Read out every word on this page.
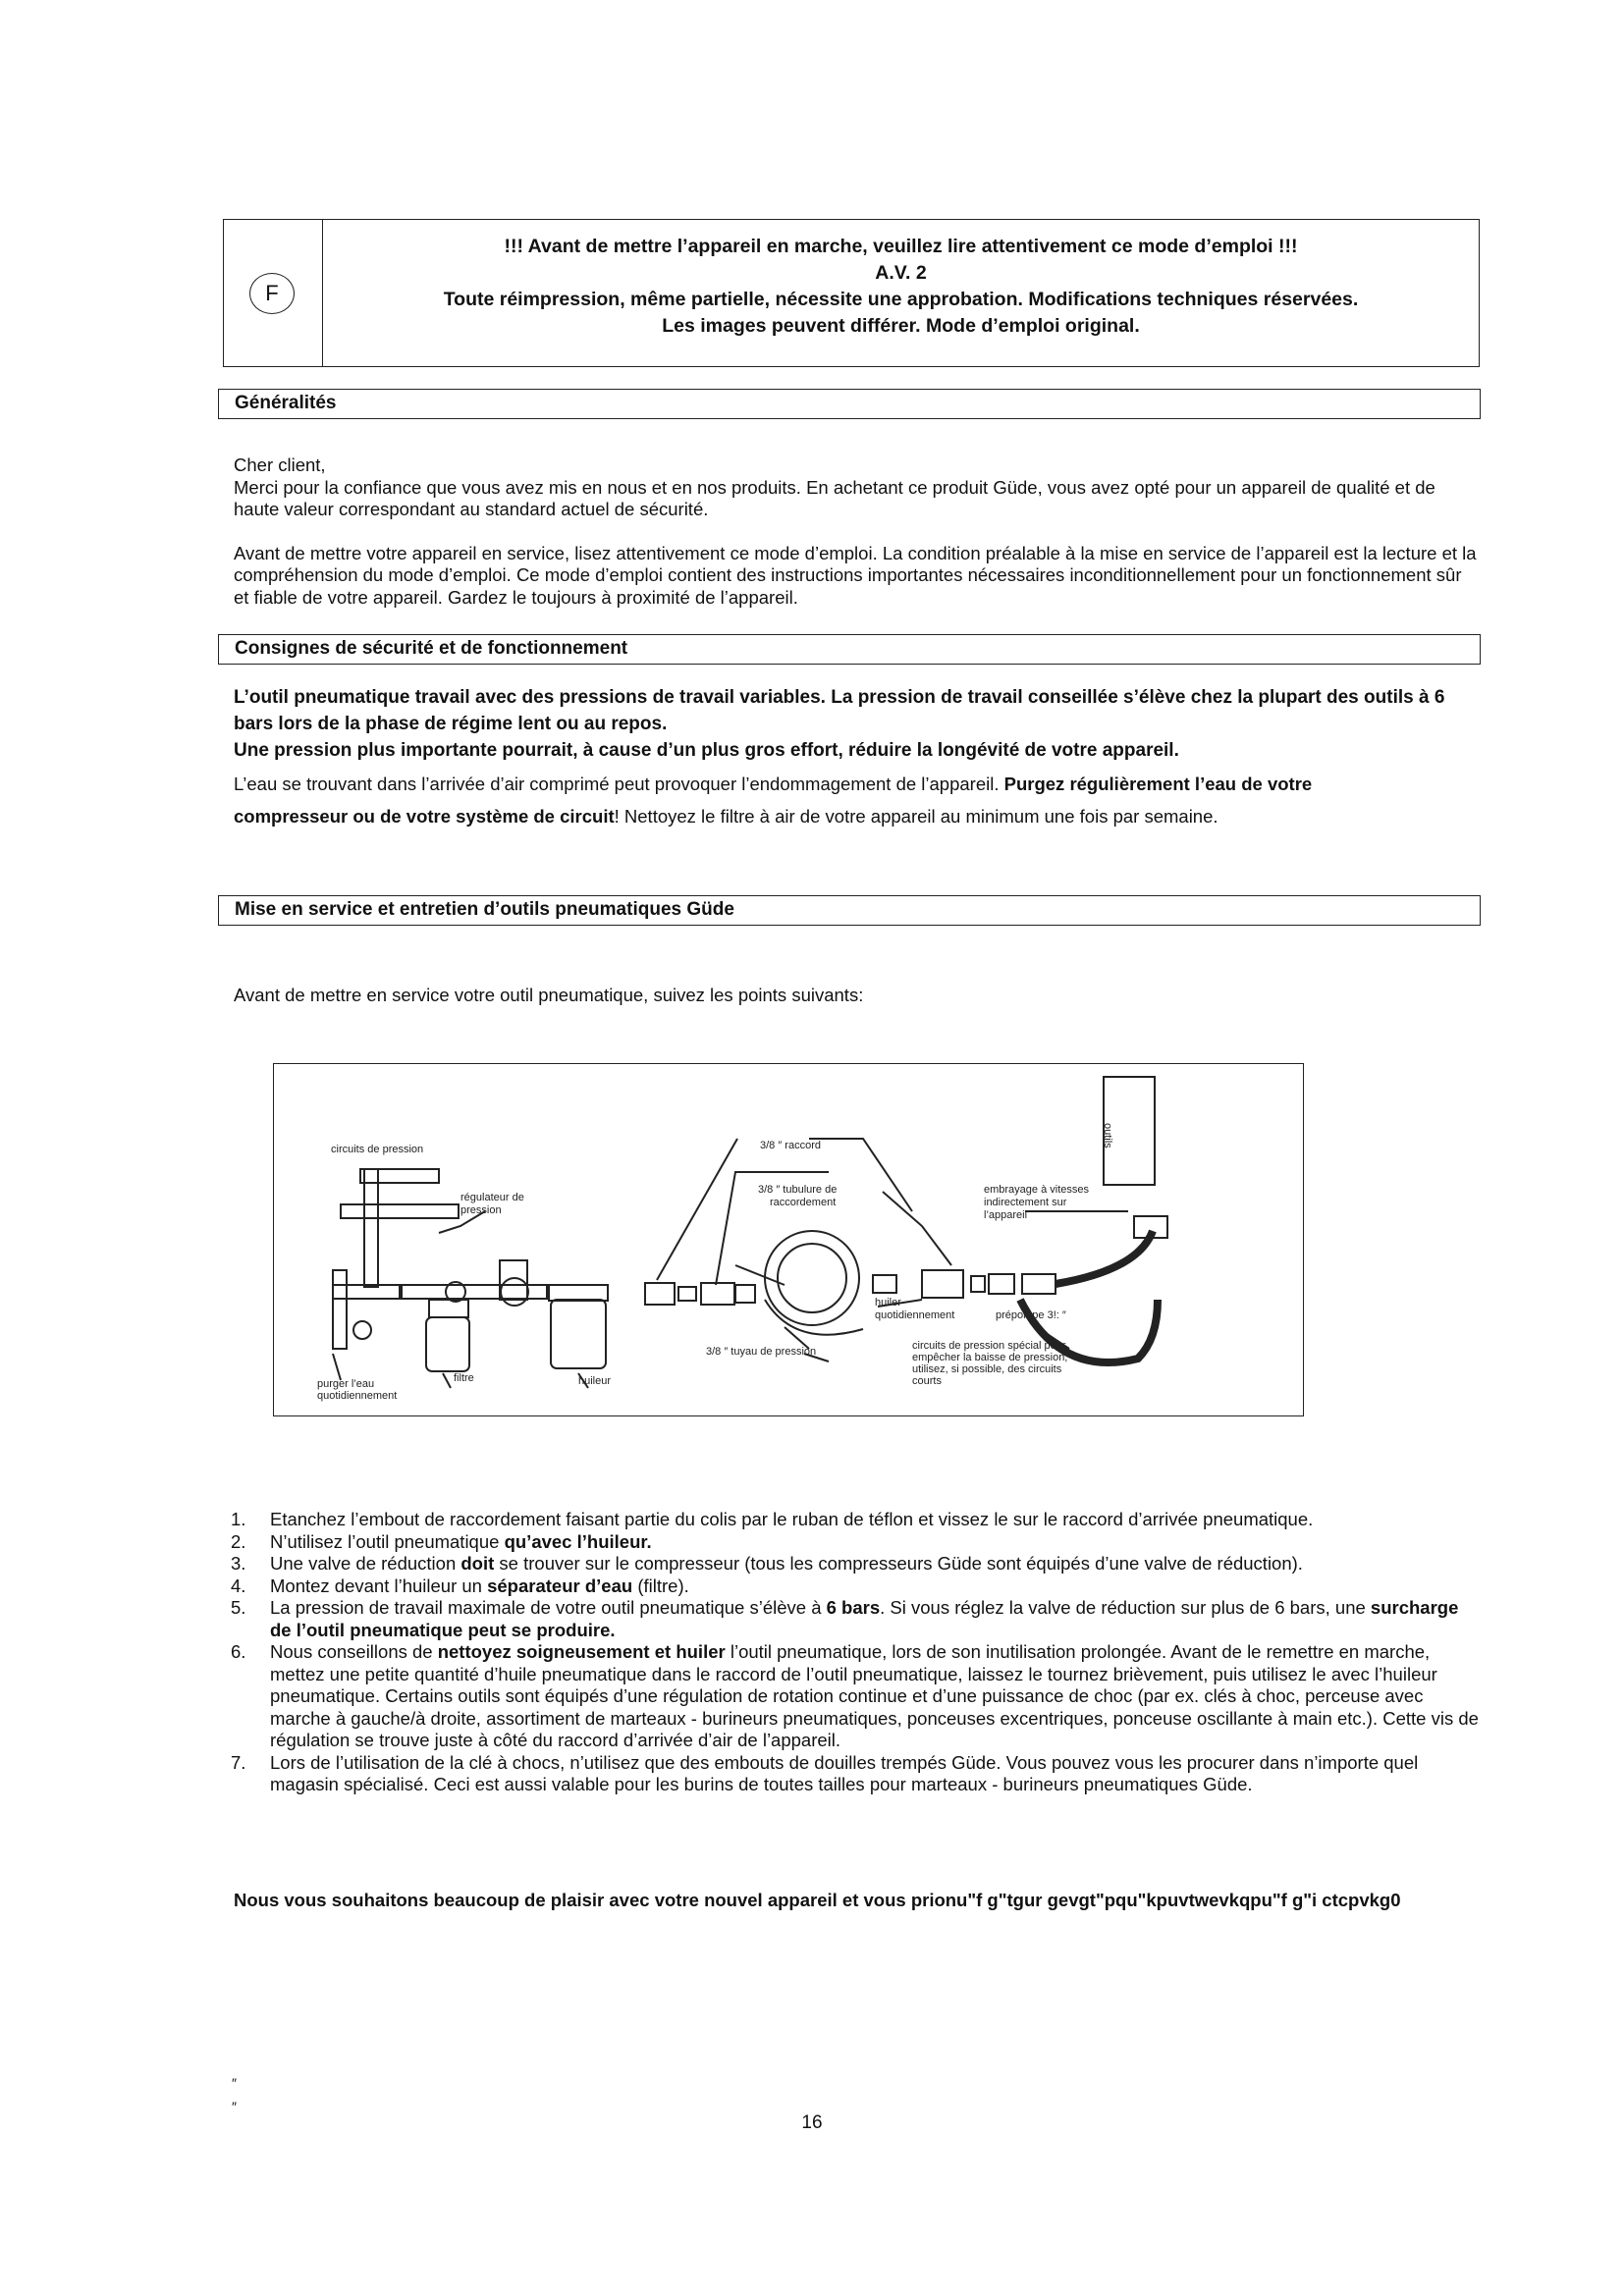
F
!!! Avant de mettre l’appareil en marche, veuillez lire attentivement ce mode d’emploi !!!
A.V. 2
Toute réimpression, même partielle, nécessite une approbation. Modifications techniques réservées.
Les images peuvent différer. Mode d’emploi original.
Généralités
Cher client,
Merci pour la confiance que vous avez mis en nous et en nos produits. En achetant ce produit Güde, vous avez opté pour un appareil de qualité et de haute valeur correspondant au standard actuel de sécurité.
Avant de mettre votre appareil en service, lisez attentivement ce mode d’emploi. La condition préalable à la mise en service de l’appareil est la lecture et la compréhension du mode d’emploi. Ce mode d’emploi contient des instructions importantes nécessaires inconditionnellement pour un fonctionnement sûr et fiable de votre appareil. Gardez le toujours à proximité de l’appareil.
Consignes de sécurité et de fonctionnement
L’outil pneumatique travail avec des pressions de travail variables. La pression de travail conseillée s’élève chez la plupart des outils à 6 bars lors de la phase de régime lent ou au repos.
Une pression plus importante pourrait, à cause d’un plus gros effort, réduire la longévité de votre appareil.
L’eau se trouvant dans l’arrivée d’air comprimé peut provoquer l’endommagement de l’appareil. Purgez régulièrement l’eau de votre compresseur ou de votre système de circuit! Nettoyez le filtre à air de votre appareil au minimum une fois par semaine.
Mise en service et entretien d’outils pneumatiques Güde
Avant de mettre en service votre outil pneumatique, suivez les points suivants:
circuits de pression
régulateur de
pression
3/8 ″ raccord
3/8 ″ tubulure de
raccordement
embrayage à vitesses
indirectement sur
l’appareil
outils
huiler
quotidiennement	prépompe 3!: ″
3/8 ″ tuyau de pression	circuits de pression spécial pour
empêcher la baisse de pression,
utilisez, si possible, des circuits
courts
filtre	huileur
purger l’eau
quotidiennement
1.	Etanchez l’embout de raccordement faisant partie du colis par le ruban de téflon et vissez le sur le raccord d’arrivée pneumatique.
2.	N’utilisez l’outil pneumatique qu’avec l’huileur.
3.	Une valve de réduction doit se trouver sur le compresseur (tous les compresseurs Güde sont équipés d’une valve de réduction).
4.	Montez devant l’huileur un séparateur d’eau (filtre).
5.	La pression de travail maximale de votre outil pneumatique s’élève à 6 bars. Si vous réglez la valve de réduction sur plus de 6 bars, une surcharge de l’outil pneumatique peut se produire.
6.	Nous conseillons de nettoyez soigneusement et huiler l’outil pneumatique, lors de son inutilisation prolongée. Avant de le remettre en marche, mettez une petite quantité d’huile pneumatique dans le raccord de l’outil pneumatique, laissez le tournez brièvement, puis utilisez le avec l’huileur pneumatique. Certains outils sont équipés d’une régulation de rotation continue et d’une puissance de choc (par ex. clés à choc, perceuse avec marche à gauche/à droite, assortiment de marteaux - burineurs pneumatiques, ponceuses excentriques, ponceuse oscillante à main etc.). Cette vis de régulation se trouve juste à côté du raccord d’arrivée d’air de l’appareil.
7.	Lors de l’utilisation de la clé à chocs, n’utilisez que des embouts de douilles trempés Güde. Vous pouvez vous les procurer dans n’importe quel magasin spécialisé. Ceci est aussi valable pour les burins de toutes tailles pour marteaux - burineurs pneumatiques Güde.
Nous vous souhaitons beaucoup de plaisir avec votre nouvel appareil et vous prionu"f g"tgur gevgt"pqu"kpuvtwevkqpu"f g"i ctcpvkg0
″
″
16
